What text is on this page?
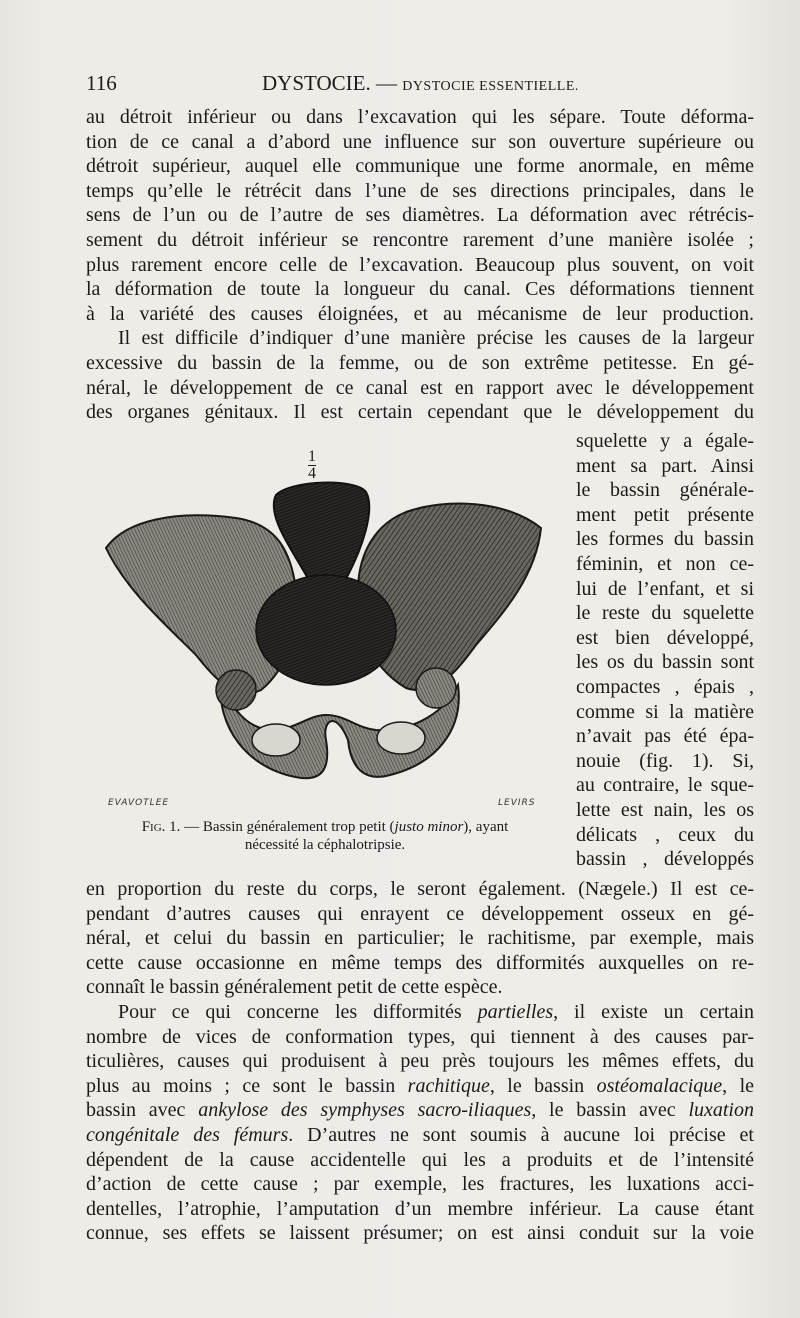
116	DYSTOCIE. — DYSTOCIE ESSENTIELLE.

au détroit inférieur ou dans l’excavation qui les sépare. Toute déforma-

tion de ce canal a d’abord une influence sur son ouverture supérieure ou

détroit supérieur, auquel elle communique une forme anormale, en même

temps qu’elle le rétrécit dans l’une de ses directions principales, dans le

sens de l’un ou de l’autre de ses diamètres. La déformation avec rétrécis-

sement du détroit inférieur se rencontre rarement d’une manière isolée ;

plus rarement encore celle de l’excavation. Beaucoup plus souvent, on voit

la déformation de toute la longueur du canal. Ces déformations tiennent

à la variété des causes éloignées, et au mécanisme de leur production.

Il est difficile d’indiquer d’une manière précise les causes de la largeur

excessive du bassin de la femme, ou de son extrême petitesse. En gé-

néral, le développement de ce canal est en rapport avec le développement

des organes génitaux. Il est certain cependant que le développement du

squelette y a égale-
ment sa part. Ainsi
le bassin générale-
ment petit présente
les formes du bassin
féminin, et non ce-
lui de l’enfant, et si
le reste du squelette
est bien développé,
les os du bassin sont
compactes , épais ,
comme si la matière
n’avait pas été épa-
nouie (fig. 1). Si,
au contraire, le sque-
lette est nain, les os
délicats , ceux du
bassin , développés
1
4
EVAVOTLEE	LEVIRS
Fig. 1. — Bassin généralement trop petit (justo minor), ayant
nécessité la céphalotripsie.

en proportion du reste du corps, le seront également. (Nægele.) Il est ce-

pendant d’autres causes qui enrayent ce développement osseux en gé-

néral, et celui du bassin en particulier; le rachitisme, par exemple, mais

cette cause occasionne en même temps des difformités auxquelles on re-

connaît le bassin généralement petit de cette espèce.

Pour ce qui concerne les difformités partielles, il existe un certain

nombre de vices de conformation types, qui tiennent à des causes par-

ticulières, causes qui produisent à peu près toujours les mêmes effets, du

plus au moins ; ce sont le bassin rachitique, le bassin ostéomalacique, le

bassin avec ankylose des symphyses sacro-iliaques, le bassin avec luxation

congénitale des fémurs. D’autres ne sont soumis à aucune loi précise et

dépendent de la cause accidentelle qui les a produits et de l’intensité

d’action de cette cause ; par exemple, les fractures, les luxations acci-

dentelles, l’atrophie, l’amputation d’un membre inférieur. La cause étant

connue, ses effets se laissent présumer; on est ainsi conduit sur la voie
